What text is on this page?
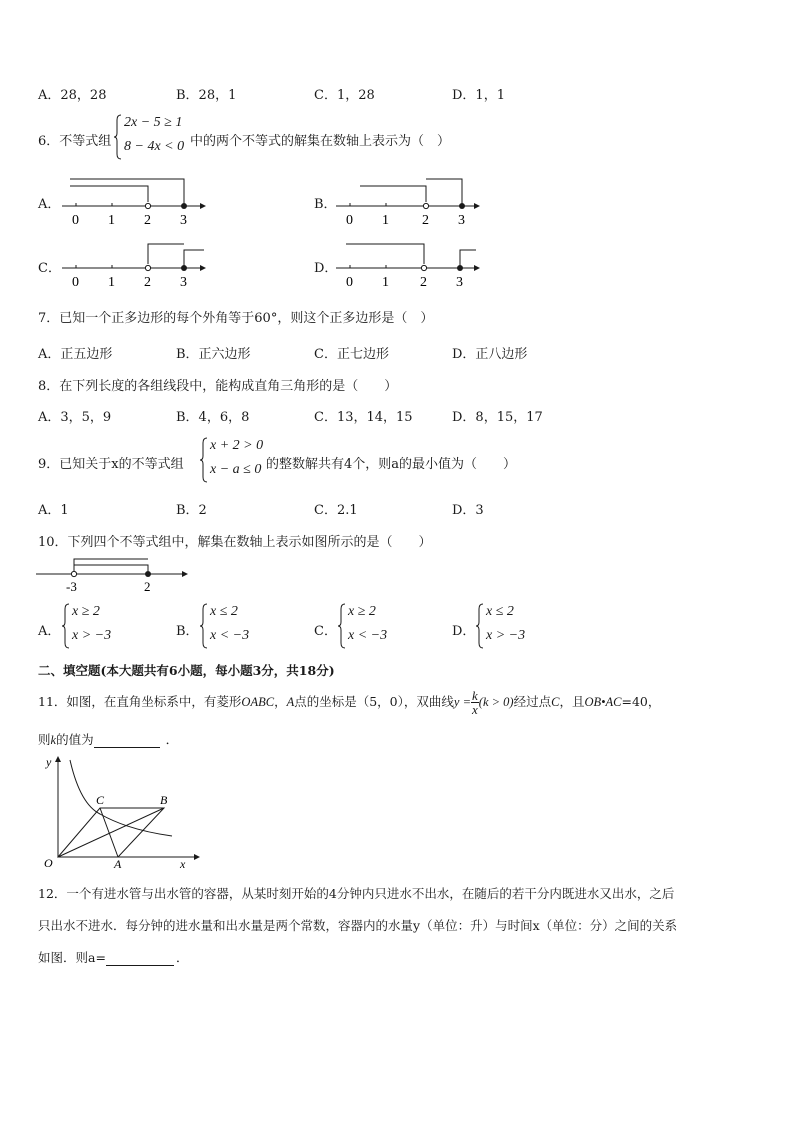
A．28，28	B．28，1	C．1，28	D．1，1
6．不等式组
2x − 5 ≥ 1
8 − 4x < 0 中的两个不等式的解集在数轴上表示为（　）
A．
0 1 2 3
B．
0 1 2 3
C．
0 1 2 3
D．
0 1 2 3
7．已知一个正多边形的每个外角等于60°，则这个正多边形是（　）
A．正五边形	B．正六边形	C．正七边形	D．正八边形
8．在下列长度的各组线段中，能构成直角三角形的是（　　）
A．3，5，9	B．4，6，8	C．13，14，15	D．8，15，17
9．已知关于x的不等式组
x + 2 > 0
x − a ≤ 0 的整数解共有4个，则a的最小值为（　　）
A．1	B．2	C．2.1	D．3
10．下列四个不等式组中，解集在数轴上表示如图所示的是（　　）
-3	2
A．
x ≥ 2
x > −3	B．
x ≤ 2
x < −3	C．
x ≥ 2
x < −3	D．
x ≤ 2
x > −3
二、填空题(本大题共有6小题，每小题3分，共18分)
11．如图，在直角坐标系中，有菱形OABC，A点的坐标是（5，0），双曲线$y = \frac{k}{x} (k > 0)$经过点C，且OB•AC=40，
则k的值为	．
y
x
O	A
B
C
12．一个有进水管与出水管的容器，从某时刻开始的4分钟内只进水不出水，在随后的若干分内既进水又出水，之后
只出水不进水．每分钟的进水量和出水量是两个常数，容器内的水量y（单位：升）与时间x（单位：分）之间的关系
如图．则a=	．
